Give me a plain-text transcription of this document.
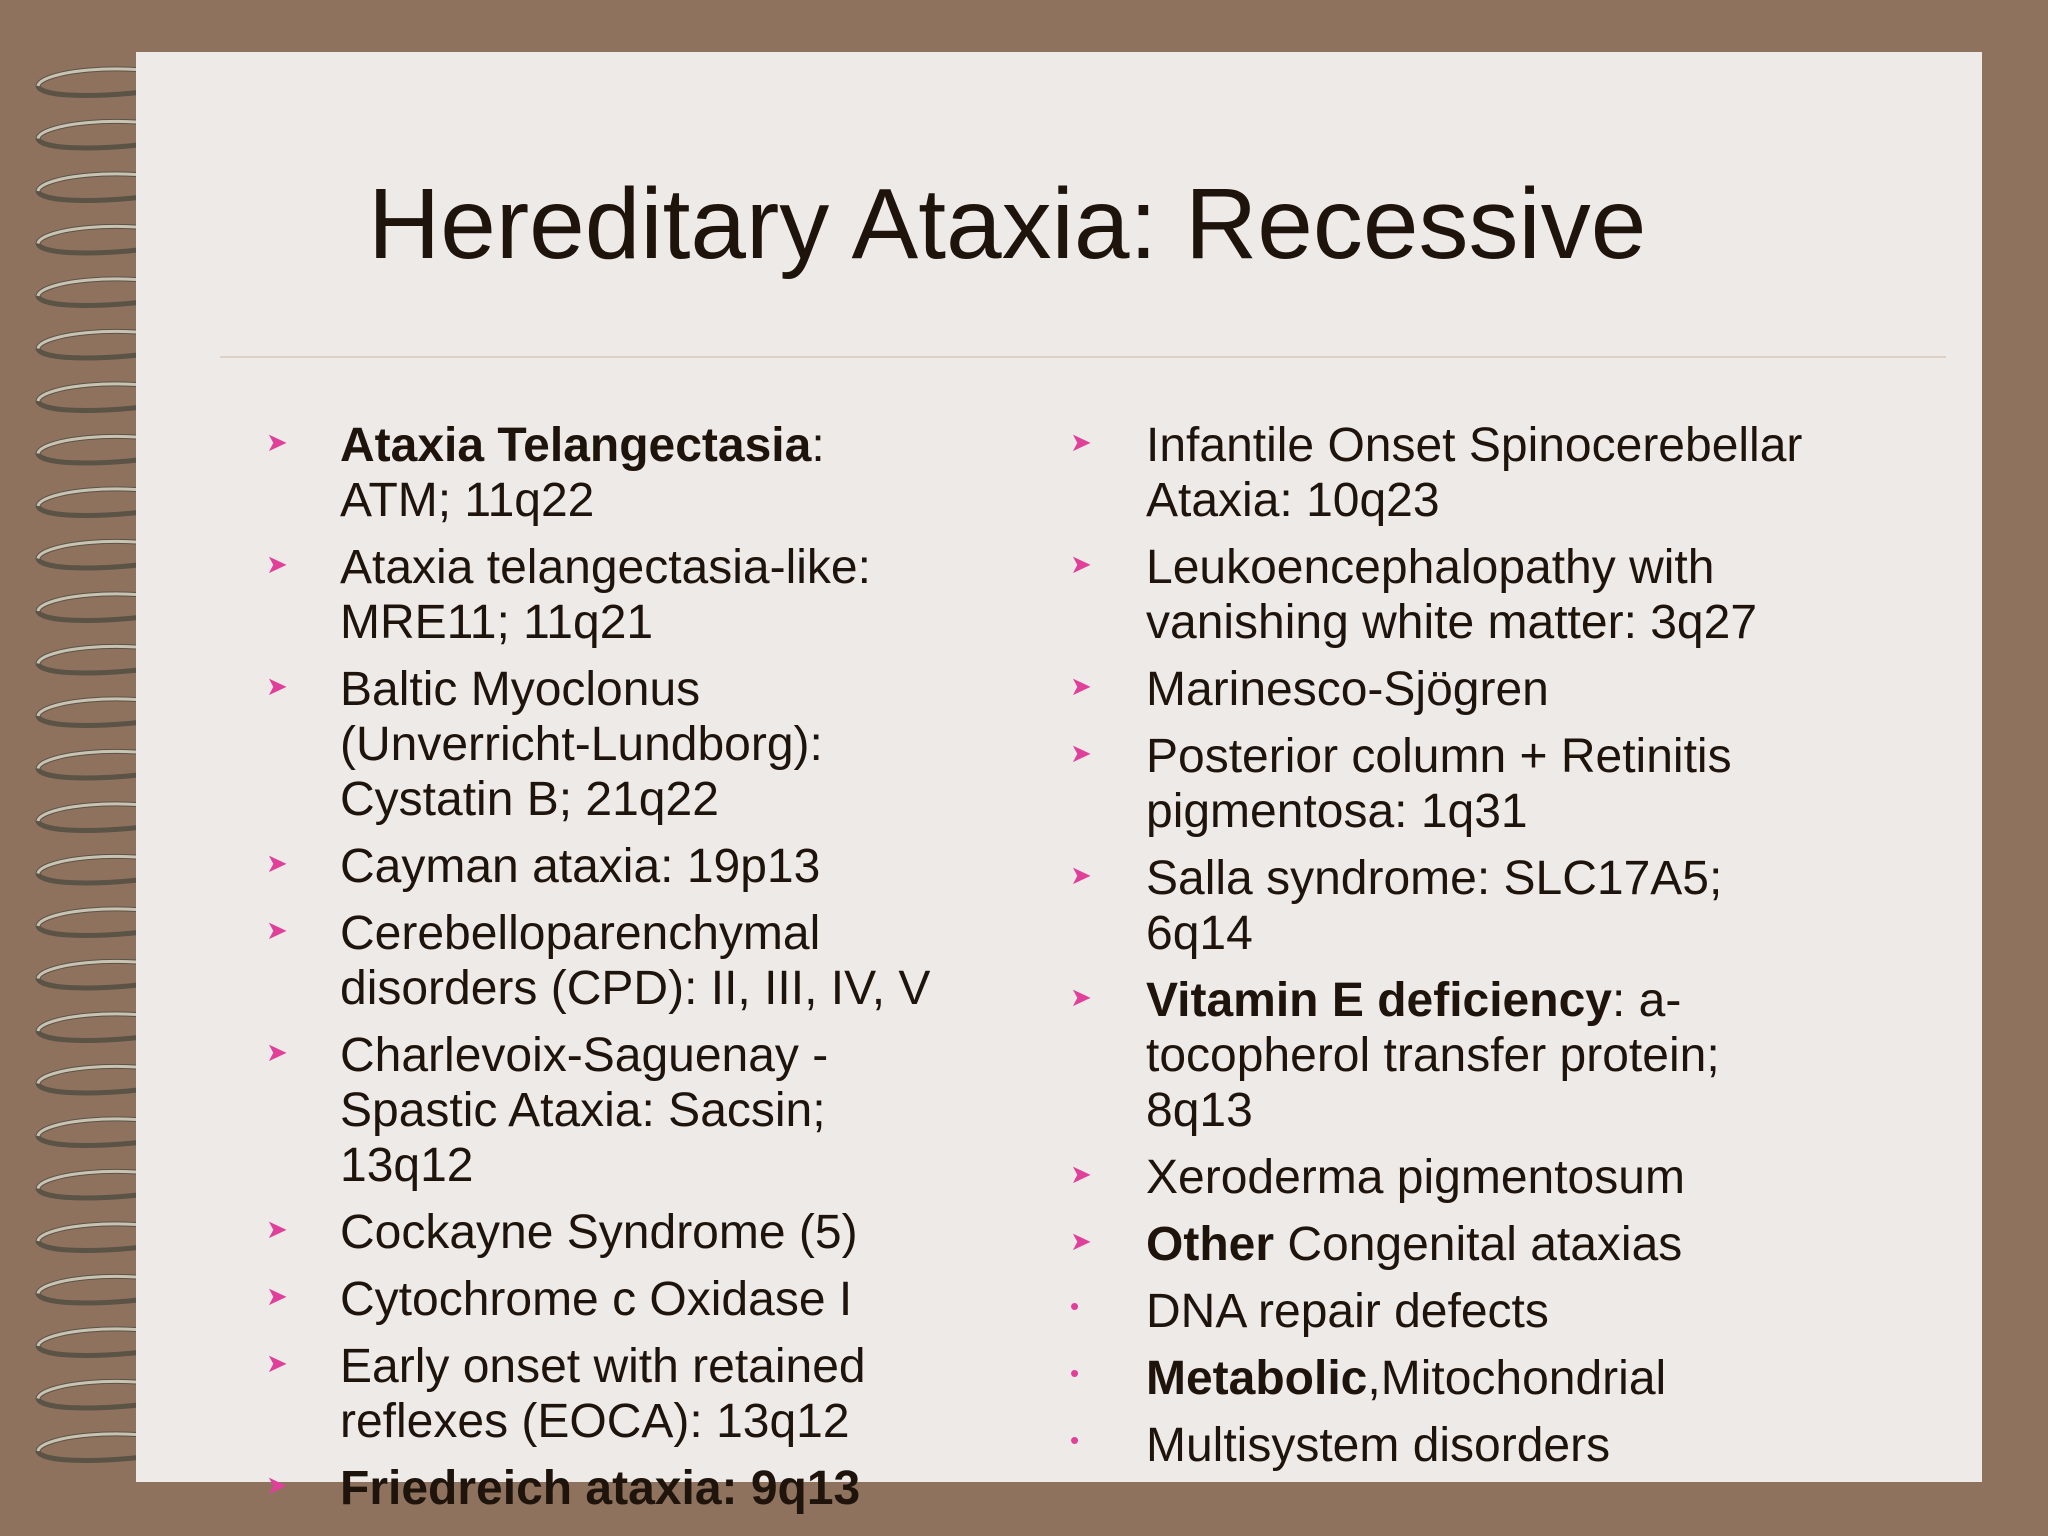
Hereditary Ataxia: Recessive
➤	Ataxia Telangectasia:
ATM; 11q22
➤	Ataxia telangectasia-like:
MRE11; 11q21
➤	Baltic Myoclonus
(Unverricht-Lundborg):
Cystatin B; 21q22
➤	Cayman ataxia: 19p13
➤	Cerebelloparenchymal
disorders (CPD): II, III, IV, V
➤	Charlevoix-Saguenay -
Spastic Ataxia: Sacsin;
13q12
➤	Cockayne Syndrome (5)
➤	Cytochrome c Oxidase I
➤	Early onset with retained
reflexes (EOCA): 13q12
➤	Friedreich ataxia: 9q13
➤	Infantile Onset Spinocerebellar
Ataxia: 10q23
➤	Leukoencephalopathy with
vanishing white matter: 3q27
➤	Marinesco-Sjögren
➤	Posterior column + Retinitis
pigmentosa: 1q31
➤	Salla syndrome: SLC17A5;
6q14
➤	Vitamin E deficiency: a-
tocopherol transfer protein;
8q13
➤	Xeroderma pigmentosum
➤	Other Congenital ataxias
•	DNA repair defects
•	Metabolic,Mitochondrial
•	Multisystem disorders
